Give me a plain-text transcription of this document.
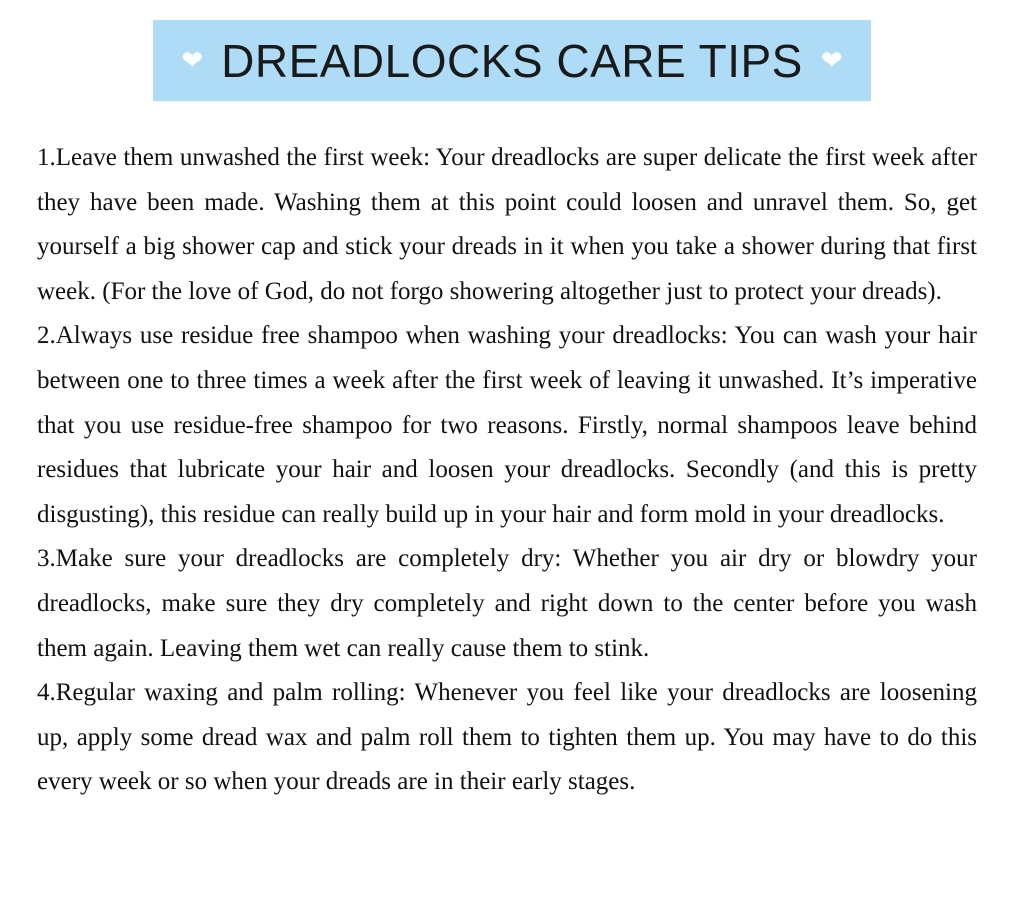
❤ DREADLOCKS CARE TIPS ❤

1.Leave them unwashed the first week: Your dreadlocks are super delicate the first week after they have been made. Washing them at this point could loosen and unravel them. So, get yourself a big shower cap and stick your dreads in it when you take a shower during that first week. (For the love of God, do not forgo showering altogether just to protect your dreads).

2.Always use residue free shampoo when washing your dreadlocks: You can wash your hair between one to three times a week after the first week of leaving it unwashed. It’s imperative that you use residue-free shampoo for two reasons. Firstly, normal shampoos leave behind residues that lubricate your hair and loosen your dreadlocks. Secondly (and this is pretty disgusting), this residue can really build up in your hair and form mold in your dreadlocks.

3.Make sure your dreadlocks are completely dry: Whether you air dry or blowdry your dreadlocks, make sure they dry completely and right down to the center before you wash them again. Leaving them wet can really cause them to stink.

4.Regular waxing and palm rolling: Whenever you feel like your dreadlocks are loosening up, apply some dread wax and palm roll them to tighten them up. You may have to do this every week or so when your dreads are in their early stages.
